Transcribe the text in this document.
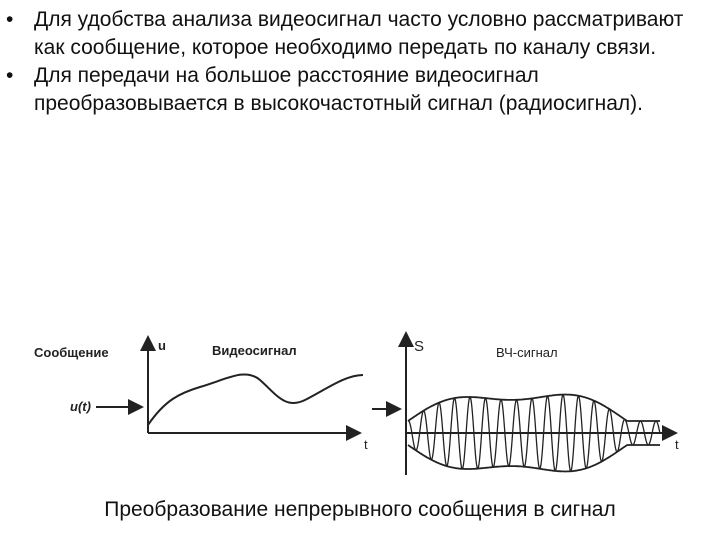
• Для удобства анализа видеосигнал часто условно рассматривают как сообщение, которое необходимо передать по каналу связи.

• Для передачи на большое расстояние видеосигнал преобразовывается в высокочастотный сигнал (радиосигнал).

Сообщение	u	Видеосигнал
u(t)
t
S	ВЧ-сигнал
t
Преобразование непрерывного сообщения в сигнал
